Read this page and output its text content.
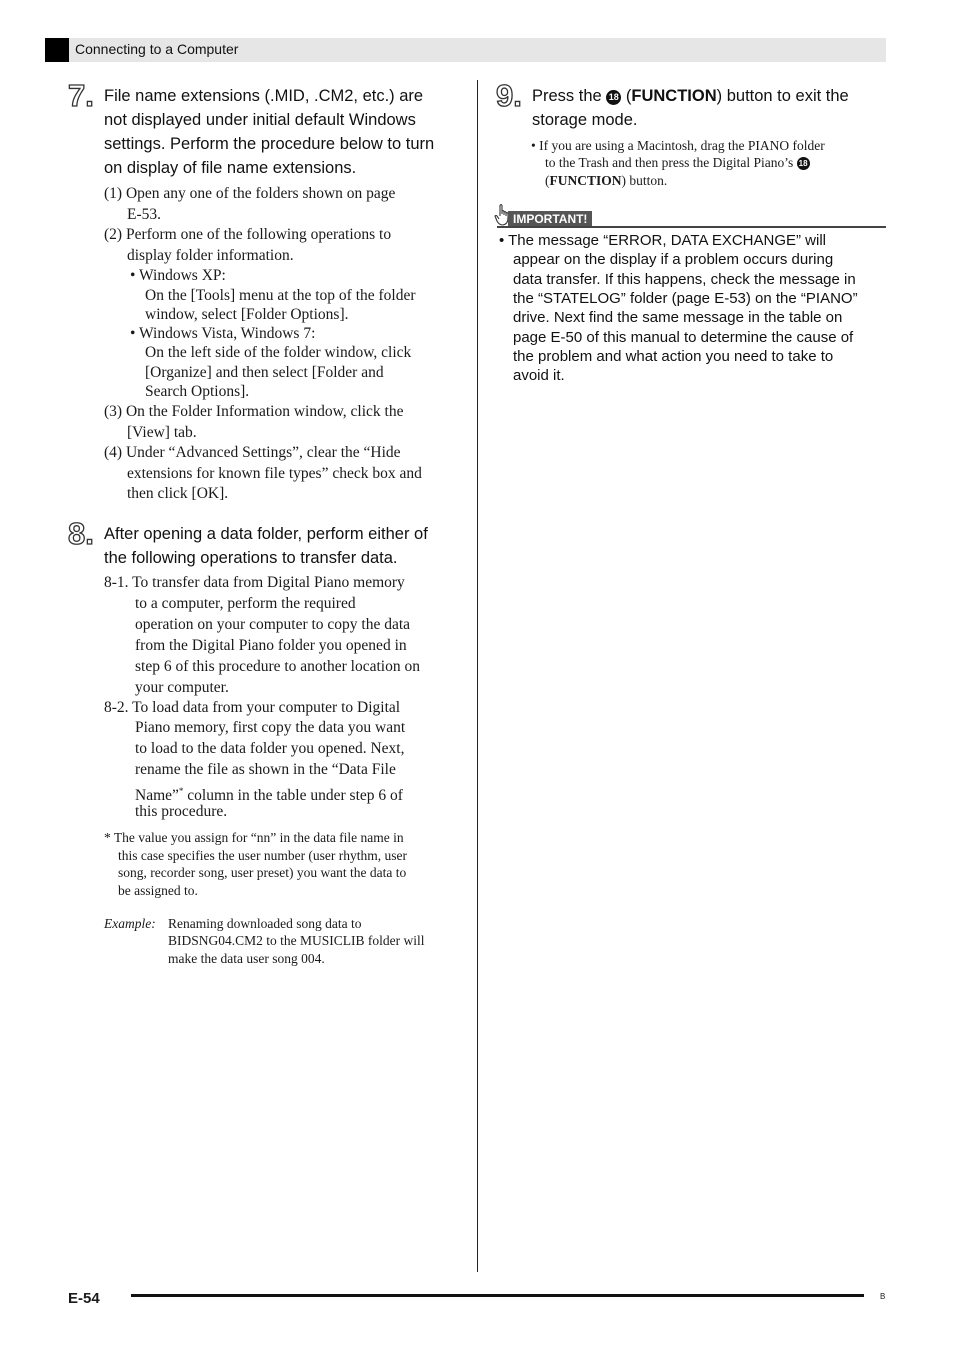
Connecting to a Computer
7. File name extensions (.MID, .CM2, etc.) are
not displayed under initial default Windows
settings. Perform the procedure below to turn
on display of file name extensions.
(1) Open any one of the folders shown on page
E-53.
(2) Perform one of the following operations to
display folder information.
• Windows XP:
On the [Tools] menu at the top of the folder
window, select [Folder Options].
• Windows Vista, Windows 7:
On the left side of the folder window, click
[Organize] and then select [Folder and
Search Options].
(3) On the Folder Information window, click the
[View] tab.
(4) Under “Advanced Settings”, clear the “Hide
extensions for known file types” check box and
then click [OK].
8. After opening a data folder, perform either of
the following operations to transfer data.
8-1. To transfer data from Digital Piano memory
to a computer, perform the required
operation on your computer to copy the data
from the Digital Piano folder you opened in
step 6 of this procedure to another location on
your computer.
8-2. To load data from your computer to Digital
Piano memory, first copy the data you want
to load to the data folder you opened. Next,
rename the file as shown in the “Data File
Name”* column in the table under step 6 of
this procedure.
* The value you assign for “nn” in the data file name in
this case specifies the user number (user rhythm, user
song, recorder song, user preset) you want the data to
be assigned to.
Example: Renaming downloaded song data to
BIDSNG04.CM2 to the MUSICLIB folder will
make the data user song 004.
9. Press the 18 (FUNCTION) button to exit the
storage mode.
• If you are using a Macintosh, drag the PIANO folder
to the Trash and then press the Digital Piano’s 18
(FUNCTION) button.
IMPORTANT!
• The message “ERROR, DATA EXCHANGE” will
appear on the display if a problem occurs during
data transfer. If this happens, check the message in
the “STATELOG” folder (page E-53) on the “PIANO”
drive. Next find the same message in the table on
page E-50 of this manual to determine the cause of
the problem and what action you need to take to
avoid it.
E-54	B
